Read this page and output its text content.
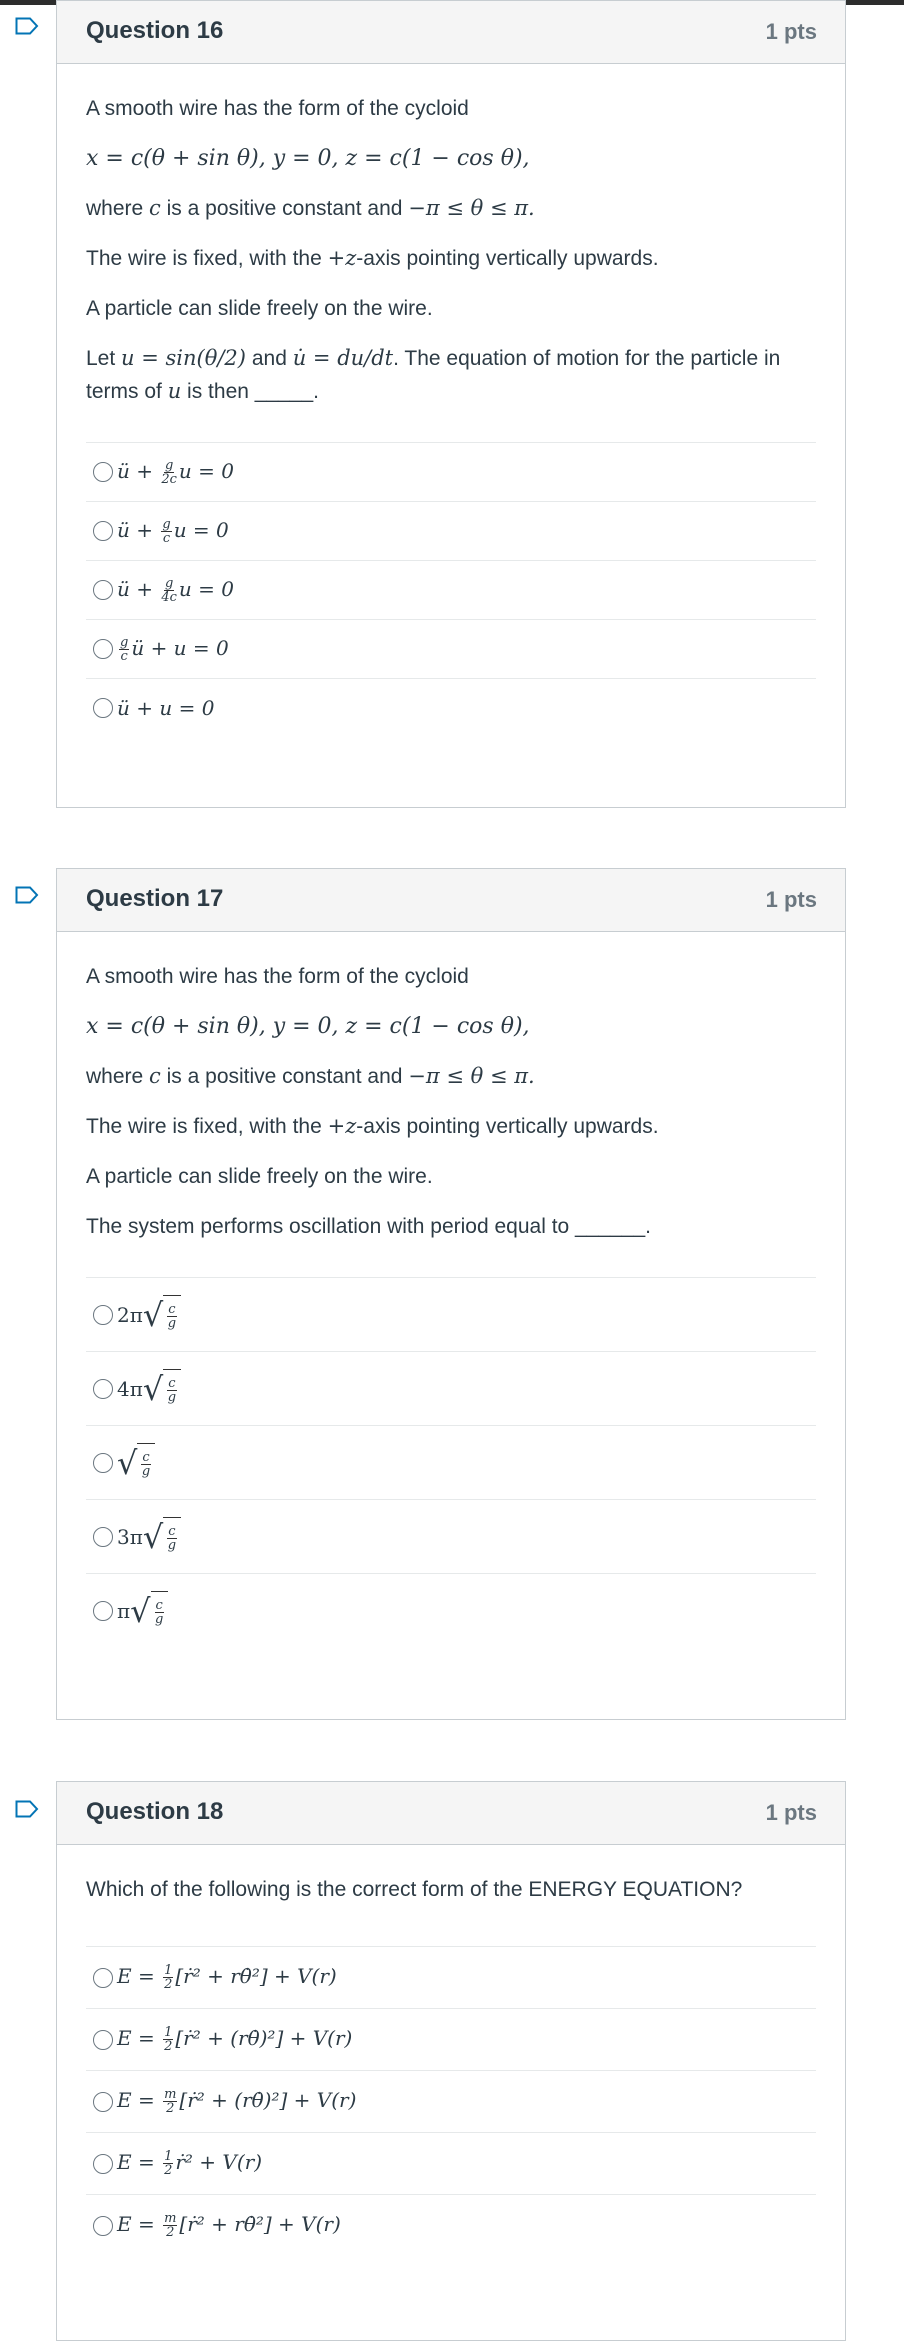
Question 16	1 pts

A smooth wire has the form of the cycloid

x = c(θ + sin θ), y = 0, z = c(1 − cos θ),

where c is a positive constant and −π ≤ θ ≤ π.

The wire is fixed, with the +z-axis pointing vertically upwards.

A particle can slide freely on the wire.

Let u = sin(θ/2) and u̇ = du/dt. The equation of motion for the particle in terms of u is then _____.

ü + $\frac{g}{2c}$ u = 0
ü + $\frac{g}{c}$ u = 0
ü + $\frac{g}{4c}$ u = 0
$\frac{g}{c}$ ü + u = 0
ü + u = 0
Question 17	1 pts

A smooth wire has the form of the cycloid

x = c(θ + sin θ), y = 0, z = c(1 − cos θ),

where c is a positive constant and −π ≤ θ ≤ π.

The wire is fixed, with the +z-axis pointing vertically upwards.

A particle can slide freely on the wire.

The system performs oscillation with period equal to ______.

2π √ $\frac{c}{g}$
4π √ $\frac{c}{g}$
√ $\frac{c}{g}$
3π √ $\frac{c}{g}$
π √ $\frac{c}{g}$
Question 18	1 pts

Which of the following is the correct form of the ENERGY EQUATION?

$E = \frac{1}{2}$ [ṙ² + rθ̇²] + V(r)
$E = \frac{1}{2}$ [ṙ² + (rθ̇)²] + V(r)
$E = \frac{m}{2}$ [ṙ² + (rθ̇)²] + V(r)
$E = \frac{1}{2}$ ṙ² + V(r)
$E = \frac{m}{2}$ [ṙ² + rθ̇²] + V(r)
